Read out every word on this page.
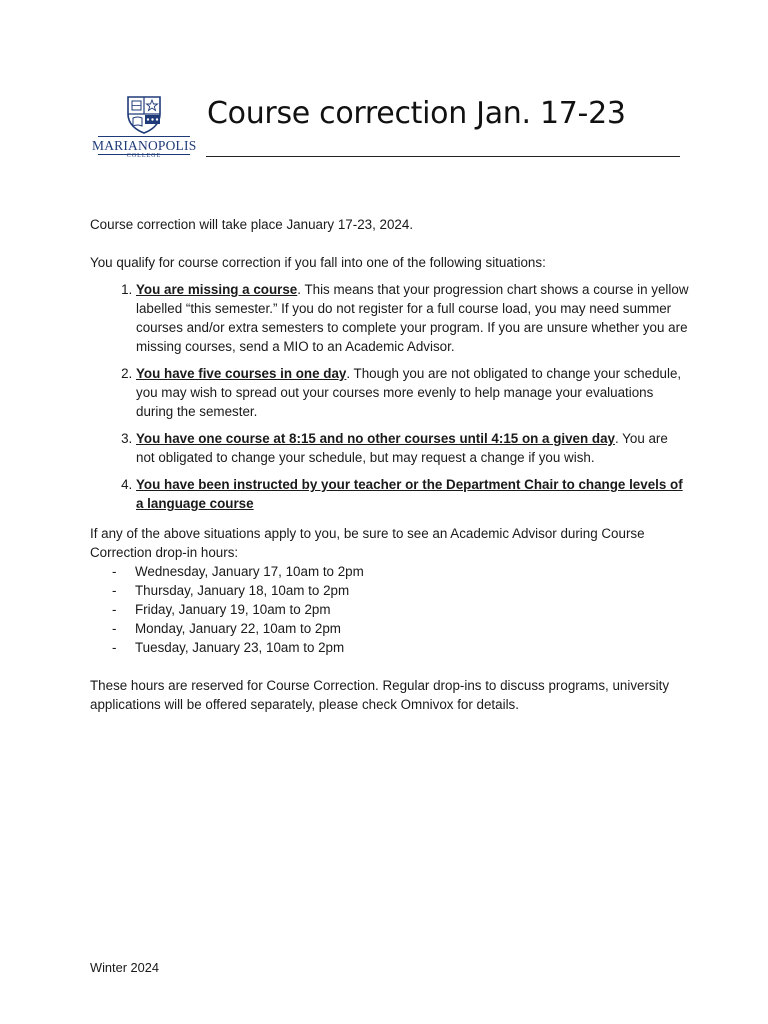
MARIANOPOLIS
COLLEGE
Course correction Jan. 17-23

Course correction will take place January 17-23, 2024.

You qualify for course correction if you fall into one of the following situations:

1. You are missing a course. This means that your progression chart shows a course in yellow labelled “this semester.” If you do not register for a full course load, you may need summer courses and/or extra semesters to complete your program. If you are unsure whether you are missing courses, send a MIO to an Academic Advisor.
2. You have five courses in one day. Though you are not obligated to change your schedule, you may wish to spread out your courses more evenly to help manage your evaluations during the semester.
3. You have one course at 8:15 and no other courses until 4:15 on a given day. You are not obligated to change your schedule, but may request a change if you wish.
4. You have been instructed by your teacher or the Department Chair to change levels of a language course

If any of the above situations apply to you, be sure to see an Academic Advisor during Course Correction drop-in hours:

- Wednesday, January 17, 10am to 2pm
- Thursday, January 18, 10am to 2pm
- Friday, January 19, 10am to 2pm
- Monday, January 22, 10am to 2pm
- Tuesday, January 23, 10am to 2pm

These hours are reserved for Course Correction. Regular drop-ins to discuss programs, university applications will be offered separately, please check Omnivox for details.

Winter 2024
